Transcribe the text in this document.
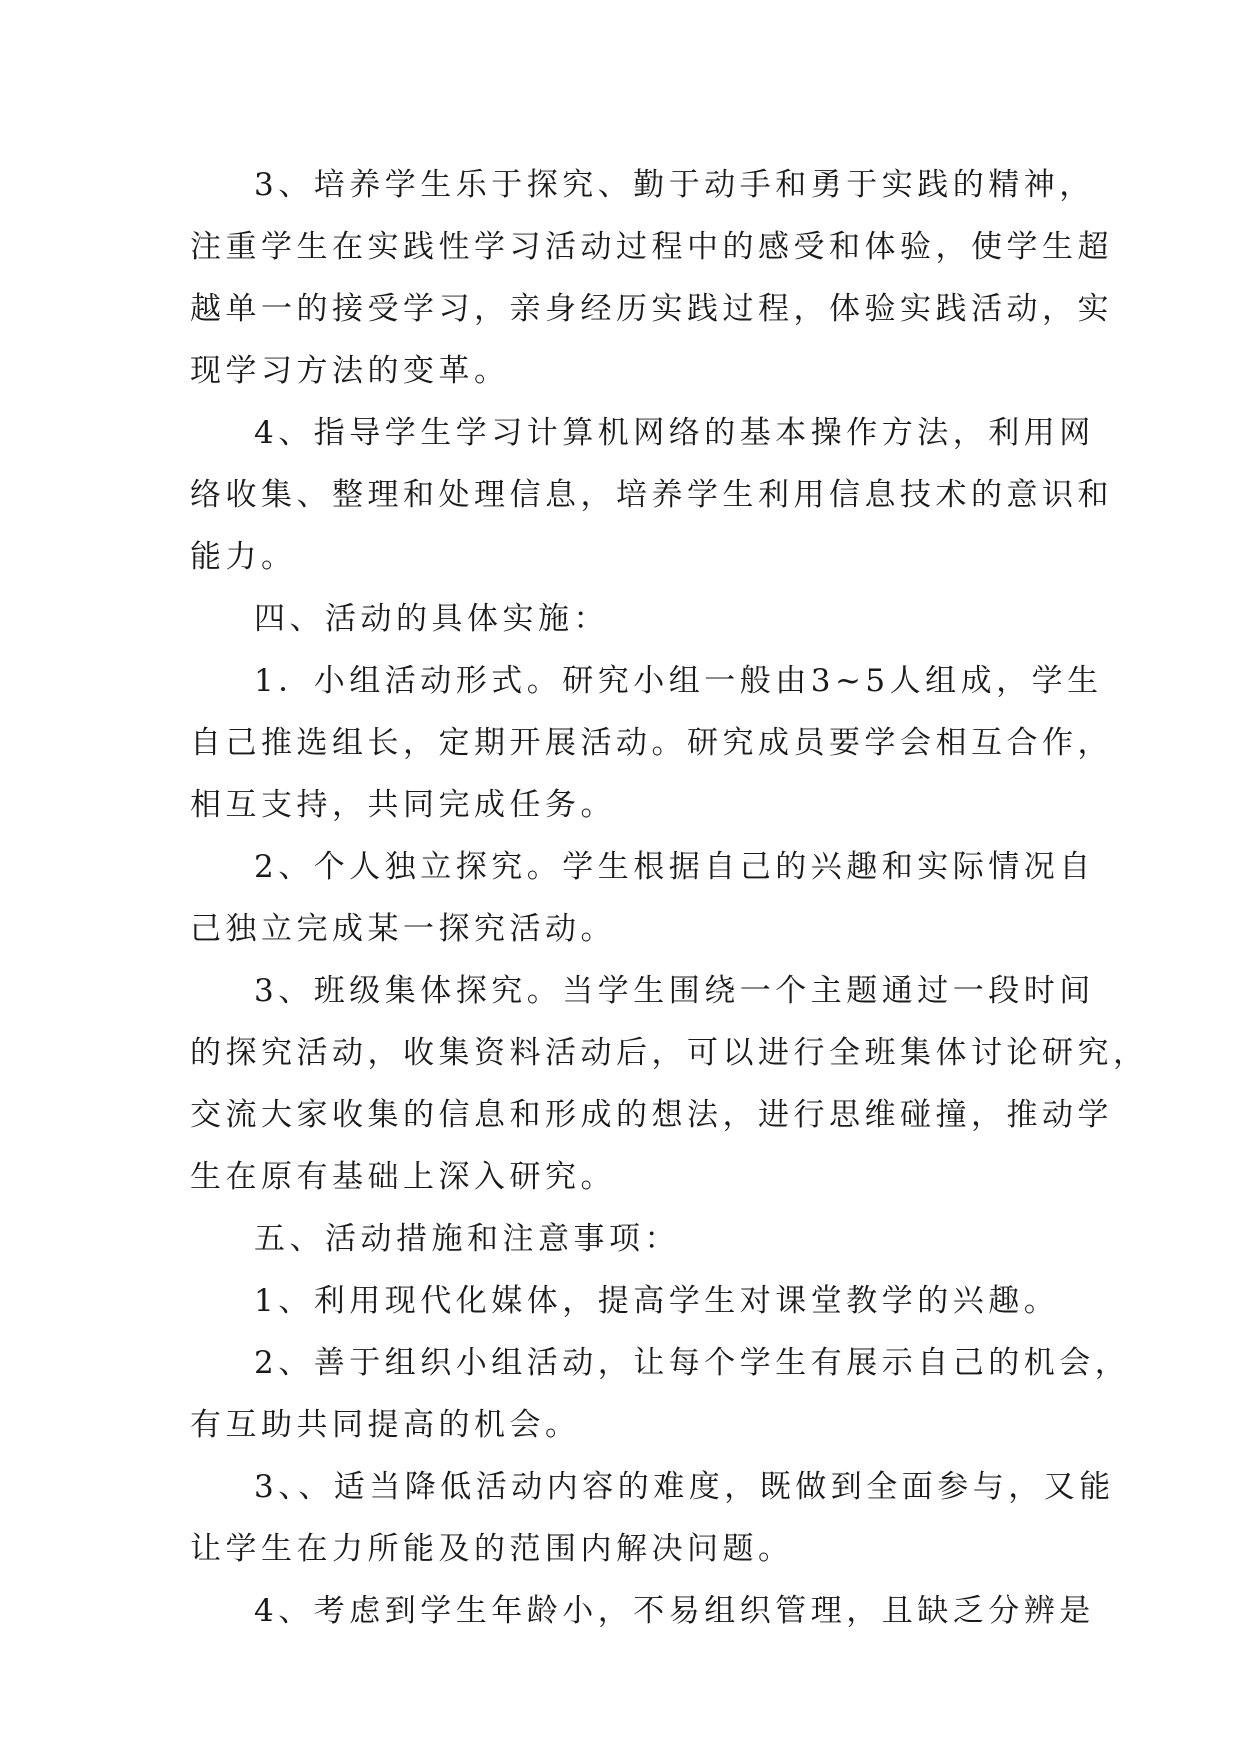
3、培养学生乐于探究、勤于动手和勇于实践的精神，
注重学生在实践性学习活动过程中的感受和体验，使学生超
越单一的接受学习，亲身经历实践过程，体验实践活动，实
现学习方法的变革。
4、指导学生学习计算机网络的基本操作方法，利用网
络收集、整理和处理信息，培养学生利用信息技术的意识和
能力。
四、活动的具体实施：
1．小组活动形式。研究小组一般由3~5人组成，学生
自己推选组长，定期开展活动。研究成员要学会相互合作，
相互支持，共同完成任务。
2、个人独立探究。学生根据自己的兴趣和实际情况自
己独立完成某一探究活动。
3、班级集体探究。当学生围绕一个主题通过一段时间
的探究活动，收集资料活动后，可以进行全班集体讨论研究，
交流大家收集的信息和形成的想法，进行思维碰撞，推动学
生在原有基础上深入研究。
五、活动措施和注意事项：
1、利用现代化媒体，提高学生对课堂教学的兴趣。
2、善于组织小组活动，让每个学生有展示自己的机会，
有互助共同提高的机会。
3、、适当降低活动内容的难度，既做到全面参与，又能
让学生在力所能及的范围内解决问题。
4、考虑到学生年龄小，不易组织管理，且缺乏分辨是
